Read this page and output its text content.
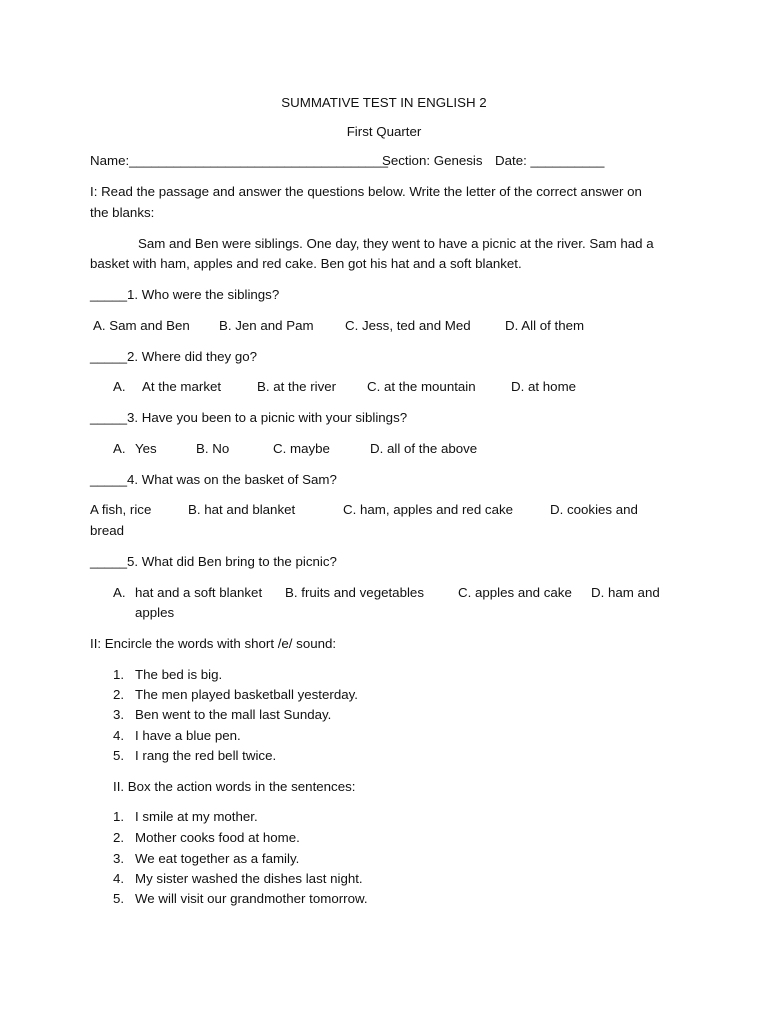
SUMMATIVE TEST IN ENGLISH 2
First Quarter
Name:___________________________________
Section: Genesis Date: __________
I: Read the passage and answer the questions below. Write the letter of the correct answer on
the blanks:
Sam and Ben were siblings. One day, they went to have a picnic at the river. Sam had a
basket with ham, apples and red cake. Ben got his hat and a soft blanket.
_____1. Who were the siblings?
A. Sam and Ben B. Jen and Pam C. Jess, ted and Med	D. All of them
_____2. Where did they go?
A. At the market	B. at the river C. at the mountain	D. at home
_____3. Have you been to a picnic with your siblings?
A. Yes	B. No	C. maybe	D. all of the above
_____4. What was on the basket of Sam?
A fish, rice	B. hat and blanket	C. ham, apples and red cake	D. cookies and
bread
_____5. What did Ben bring to the picnic?
A. hat and a soft blanket B. fruits and vegetables	C. apples and cake D. ham and
apples
II: Encircle the words with short /e/ sound:
1. The bed is big.
2. The men played basketball yesterday.
3. Ben went to the mall last Sunday.
4. I have a blue pen.
5. I rang the red bell twice.
II. Box the action words in the sentences:
1. I smile at my mother.
2. Mother cooks food at home.
3. We eat together as a family.
4. My sister washed the dishes last night.
5. We will visit our grandmother tomorrow.
